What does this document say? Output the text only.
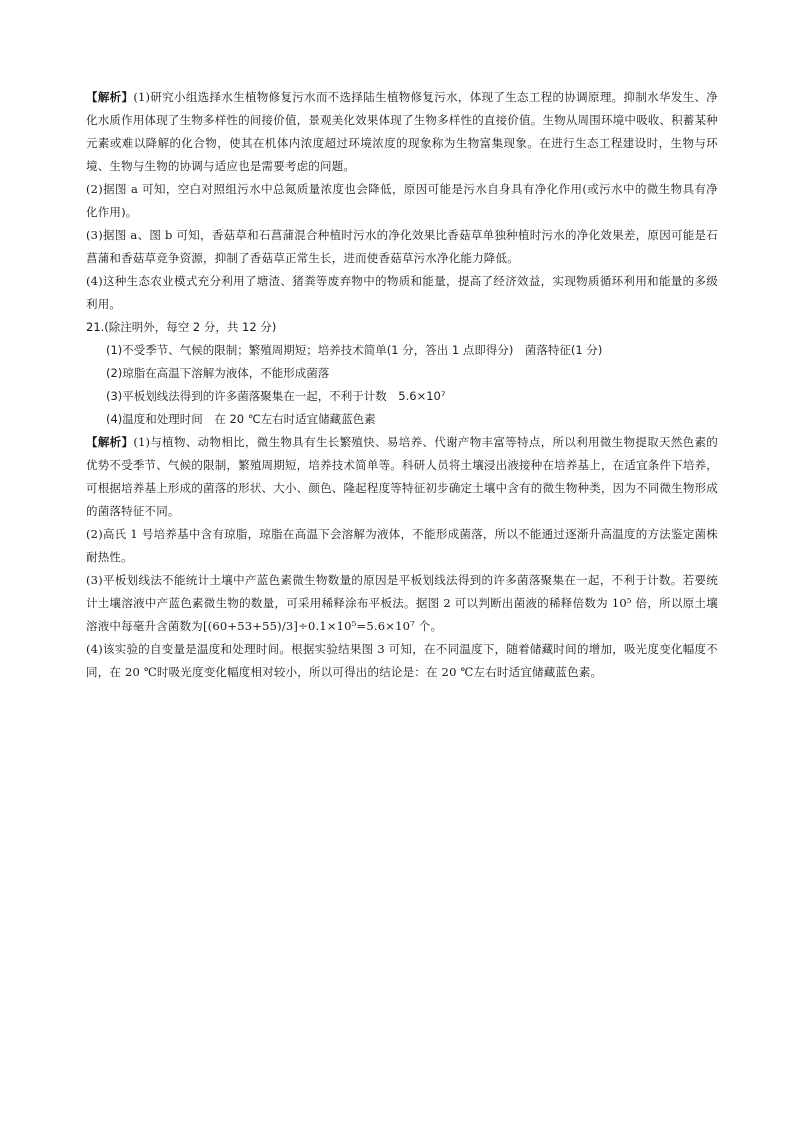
【解析】(1)研究小组选择水生植物修复污水而不选择陆生植物修复污水，体现了生态工程的协调原理。抑制水华发生、净化水质作用体现了生物多样性的间接价值，景观美化效果体现了生物多样性的直接价值。生物从周围环境中吸收、积蓄某种元素或难以降解的化合物，使其在机体内浓度超过环境浓度的现象称为生物富集现象。在进行生态工程建设时，生物与环境、生物与生物的协调与适应也是需要考虑的问题。

(2)据图 a 可知，空白对照组污水中总氮质量浓度也会降低，原因可能是污水自身具有净化作用(或污水中的微生物具有净化作用)。

(3)据图 a、图 b 可知，香菇草和石菖蒲混合种植时污水的净化效果比香菇草单独种植时污水的净化效果差，原因可能是石菖蒲和香菇草竞争资源，抑制了香菇草正常生长，进而使香菇草污水净化能力降低。

(4)这种生态农业模式充分利用了塘渣、猪粪等废弃物中的物质和能量，提高了经济效益，实现物质循环利用和能量的多级利用。

21.(除注明外，每空 2 分，共 12 分)

(1)不受季节、气候的限制；繁殖周期短；培养技术简单(1 分，答出 1 点即得分)　菌落特征(1 分)

(2)琼脂在高温下溶解为液体，不能形成菌落

(3)平板划线法得到的许多菌落聚集在一起，不利于计数　5.6×10⁷

(4)温度和处理时间　在 20 ℃左右时适宜储藏蓝色素

【解析】(1)与植物、动物相比，微生物具有生长繁殖快、易培养、代谢产物丰富等特点，所以利用微生物提取天然色素的优势不受季节、气候的限制，繁殖周期短，培养技术简单等。科研人员将土壤浸出液接种在培养基上，在适宜条件下培养，可根据培养基上形成的菌落的形状、大小、颜色、隆起程度等特征初步确定土壤中含有的微生物种类，因为不同微生物形成的菌落特征不同。

(2)高氏 1 号培养基中含有琼脂，琼脂在高温下会溶解为液体，不能形成菌落，所以不能通过逐渐升高温度的方法鉴定菌株耐热性。

(3)平板划线法不能统计土壤中产蓝色素微生物数量的原因是平板划线法得到的许多菌落聚集在一起，不利于计数。若要统计土壤溶液中产蓝色素微生物的数量，可采用稀释涂布平板法。据图 2 可以判断出菌液的稀释倍数为 10⁵ 倍，所以原土壤溶液中每毫升含菌数为[(60+53+55)/3]÷0.1×10⁵=5.6×10⁷ 个。

(4)该实验的自变量是温度和处理时间。根据实验结果图 3 可知，在不同温度下，随着储藏时间的增加，吸光度变化幅度不同，在 20 ℃时吸光度变化幅度相对较小，所以可得出的结论是：在 20 ℃左右时适宜储藏蓝色素。
